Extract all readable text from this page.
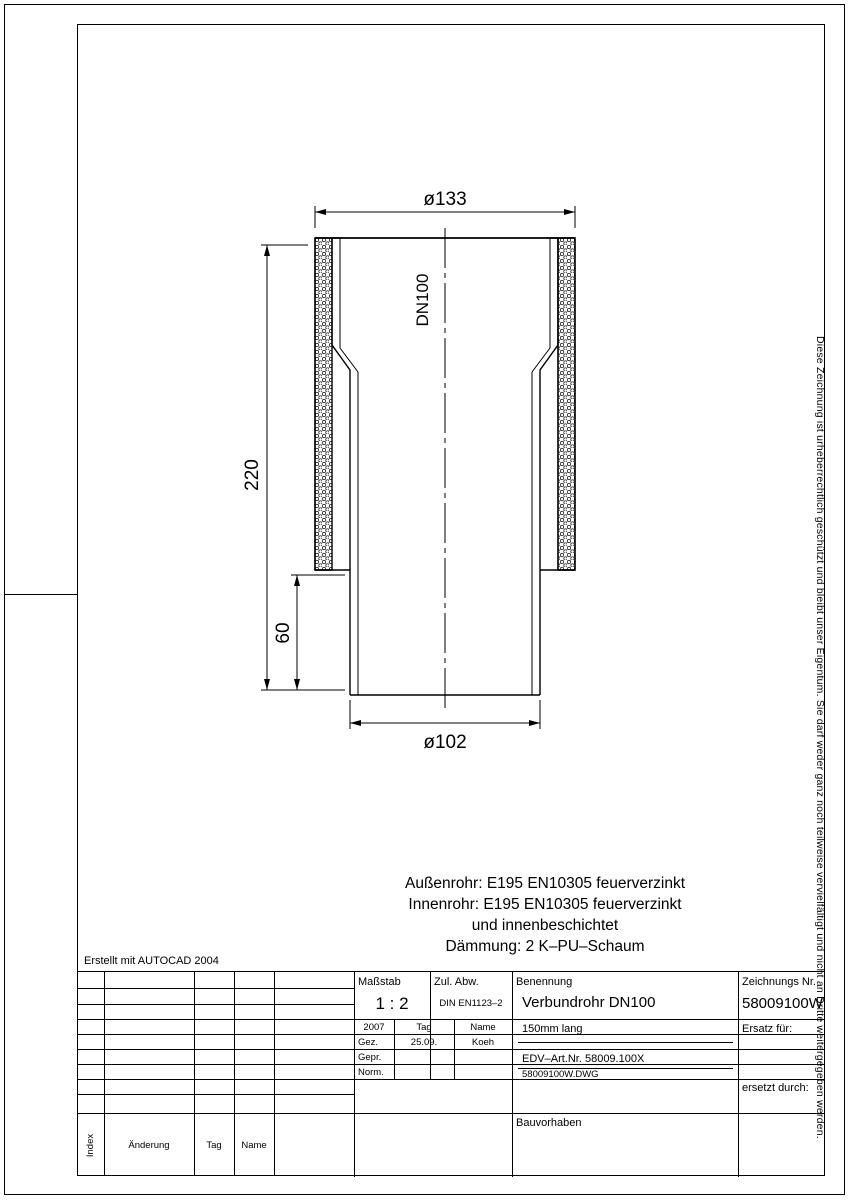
Diese Zeichnung ist urheberrechtlich geschützt und bleibt unser Eigentum. Sie darf weder ganz noch teilweise vervielfältigt und nicht an Dritte weitergegeben werden.
ø133
ø102
220
60
DN100
Außenrohr: E195 EN10305 feuerverzinkt
Innenrohr: E195 EN10305 feuerverzinkt
und innenbeschichtet
Dämmung: 2 K–PU–Schaum
Erstellt mit AUTOCAD 2004
Index	Änderung	Tag	Name
Maßstab
1 : 2
Zul. Abw.
DIN EN1123–2
Benennung
Verbundrohr DN100
Zeichnungs Nr.
58009100W
2007	Tag	Name
Gez.	25.09.	Koeh
Gepr.
Norm.
150mm lang
EDV–Art.Nr. 58009.100X
58009100W.DWG
Bauvorhaben
Ersatz für:
ersetzt durch:
